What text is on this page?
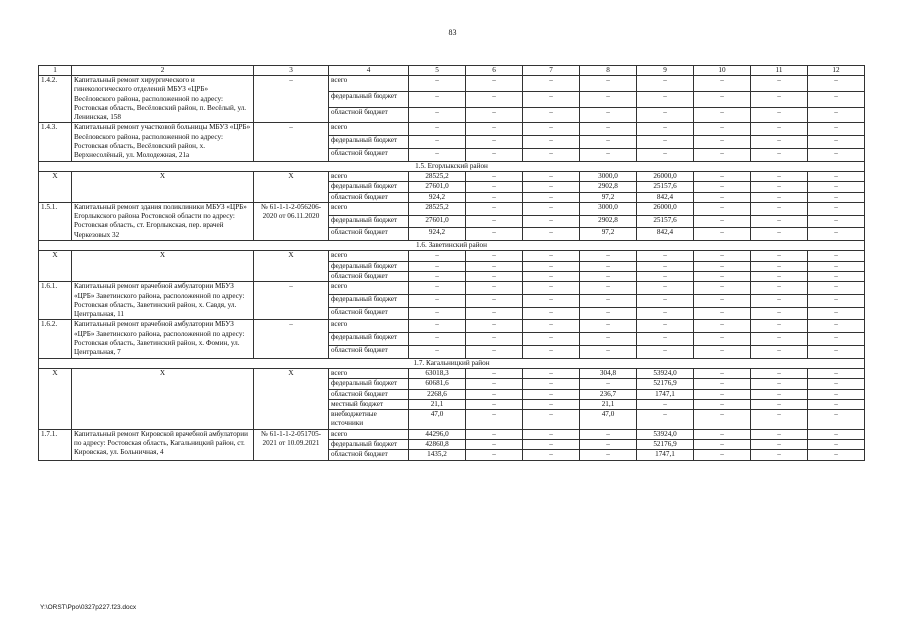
83
1	2	3	4	5	6	7	8	9	10	11	12
1.4.2.	Капитальный ремонт хирургического и гинекологического отделений МБУЗ «ЦРБ» Весёловского района, расположенной по адресу: Ростовская область, Весёловский район, п. Весёлый, ул. Ленинская, 158	–	всего	–	–	–	–	–	–	–	–
			федеральный бюджет	–	–	–	–	–	–	–	–
			областной бюджет	–	–	–	–	–	–	–	–
1.4.3.	Капитальный ремонт участковой больницы МБУЗ «ЦРБ» Весёловского района, расположенной по адресу: Ростовская область, Весёловский район, х. Верхнесолёный, ул. Молодежная, 21а	–	всего	–	–	–	–	–	–	–	–
			федеральный бюджет	–	–	–	–	–	–	–	–
			областной бюджет	–	–	–	–	–	–	–	–
1.5. Егорлыкский район											
Х	Х	Х	всего	28525,2	–	–	3000,0	26000,0	–	–	–
			федеральный бюджет	27601,0	–	–	2902,8	25157,6	–	–	–
			областной бюджет	924,2	–	–	97,2	842,4	–	–	–
1.5.1.	Капитальный ремонт здания поликлиники МБУЗ «ЦРБ» Егорлыкского района Ростовской области по адресу: Ростовская область, ст. Егорлыкская, пер. врачей Черкезовых 32	№ 61-1-1-2-056206-2020 от 06.11.2020	всего	28525,2	–	–	3000,0	26000,0	–	–	–
			федеральный бюджет	27601,0	–	–	2902,8	25157,6	–	–	–
			областной бюджет	924,2	–	–	97,2	842,4	–	–	–
1.6. Заветинский район											
Х	Х	Х	всего	–	–	–	–	–	–	–	–
			федеральный бюджет	–	–	–	–	–	–	–	–
			областной бюджет	–	–	–	–	–	–	–	–
1.6.1.	Капитальный ремонт врачебной амбулатории МБУЗ «ЦРБ» Заветинского района, расположенной по адресу: Ростовская область, Заветинский район, х. Савдя, ул. Центральная, 11	–	всего	–	–	–	–	–	–	–	–
			федеральный бюджет	–	–	–	–	–	–	–	–
			областной бюджет	–	–	–	–	–	–	–	–
1.6.2.	Капитальный ремонт врачебной амбулатории МБУЗ «ЦРБ» Заветинского района, расположенной по адресу: Ростовская область, Заветинский район, х. Фомин, ул. Центральная, 7	–	всего	–	–	–	–	–	–	–	–
			федеральный бюджет	–	–	–	–	–	–	–	–
			областной бюджет	–	–	–	–	–	–	–	–
1.7. Кагальницкий район											
Х	Х	Х	всего	63018,3	–	–	304,8	53924,0	–	–	–
			федеральный бюджет	60681,6	–	–	–	52176,9	–	–	–
			областной бюджет	2268,6	–	–	236,7	1747,1	–	–	–
			местный бюджет	21,1	–	–	21,1	–	–	–	–
			внебюджетные источники	47,0	–	–	47,0	–	–	–	–
1.7.1.	Капитальный ремонт Кировской врачебной амбулатории по адресу: Ростовская область, Кагальницкий район, ст. Кировская, ул. Больничная, 4	№ 61-1-1-2-051705-2021 от 10.09.2021	всего	44296,0	–	–	–	53924,0	–	–	–
			федеральный бюджет	42860,8	–	–	–	52176,9	–	–	–
			областной бюджет	1435,2	–	–	–	1747,1	–	–	–
Y:\ORST\Ppo\0327p227.f23.docx
